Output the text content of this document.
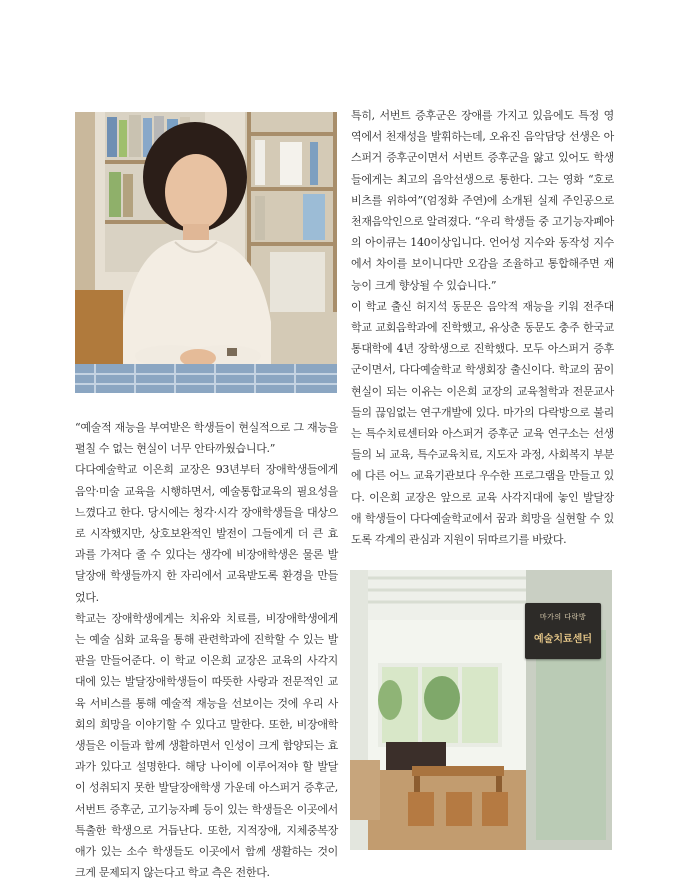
“예술적 재능을 부여받은 학생들이 현실적으로 그 재능을 펼칠 수 없는 현실이 너무 안타까웠습니다.”

다다예술학교 이은희 교장은 93년부터 장애학생들에게 음악·미술 교육을 시행하면서, 예술통합교육의 필요성을 느꼈다고 한다. 당시에는 청각·시각 장애학생들을 대상으로 시작했지만, 상호보완적인 발전이 그들에게 더 큰 효과를 가져다 줄 수 있다는 생각에 비장애학생은 물론 발달장애 학생들까지 한 자리에서 교육받도록 환경을 만들었다.

학교는 장애학생에게는 치유와 치료를, 비장애학생에게는 예술 심화 교육을 통해 관련학과에 진학할 수 있는 발판을 만들어준다. 이 학교 이은희 교장은 교육의 사각지대에 있는 발달장애학생들이 따뜻한 사랑과 전문적인 교육 서비스를 통해 예술적 재능을 선보이는 것에 우리 사회의 희망을 이야기할 수 있다고 말한다. 또한, 비장애학생들은 이들과 함께 생활하면서 인성이 크게 함양되는 효과가 있다고 설명한다. 해당 나이에 이루어져야 할 발달이 성취되지 못한 발달장애학생 가운데 아스퍼거 증후군, 서번트 증후군, 고기능자폐 등이 있는 학생들은 이곳에서 특출한 학생으로 거듭난다. 또한, 지적장애, 지체중복장애가 있는 소수 학생들도 이곳에서 함께 생활하는 것이 크게 문제되지 않는다고 학교 측은 전한다.

특히, 서번트 증후군은 장애를 가지고 있음에도 특정 영역에서 천재성을 발휘하는데, 오유진 음악담당 선생은 아스퍼거 증후군이면서 서번트 증후군을 앓고 있어도 학생들에게는 최고의 음악선생으로 통한다. 그는 영화 “호로비츠를 위하여”(엄정화 주연)에 소개된 실제 주인공으로 천재음악인으로 알려졌다. “우리 학생들 중 고기능자폐아의 아이큐는 140이상입니다. 언어성 지수와 동작성 지수에서 차이를 보이니다만 오감을 조율하고 통합해주면 재능이 크게 향상될 수 있습니다.”

이 학교 출신 허지석 동문은 음악적 재능을 키워 전주대학교 교회음학과에 진학했고, 유상춘 동문도 충주 한국교통대학에 4년 장학생으로 진학했다. 모두 아스퍼거 증후군이면서, 다다예술학교 학생회장 출신이다. 학교의 꿈이 현실이 되는 이유는 이은희 교장의 교육철학과 전문교사들의 끊임없는 연구개발에 있다. 마가의 다락방으로 불리는 특수치료센터와 아스퍼거 증후군 교육 연구소는 선생들의 뇌 교육, 특수교육치료, 지도자 과정, 사회복지 부분에 다른 어느 교육기관보다 우수한 프로그램을 만들고 있다. 이은희 교장은 앞으로 교육 사각지대에 놓인 발달장애 학생들이 다다예술학교에서 꿈과 희망을 실현할 수 있도록 각계의 관심과 지원이 뒤따르기를 바랐다.

마가의 다락방
예술치료센터
